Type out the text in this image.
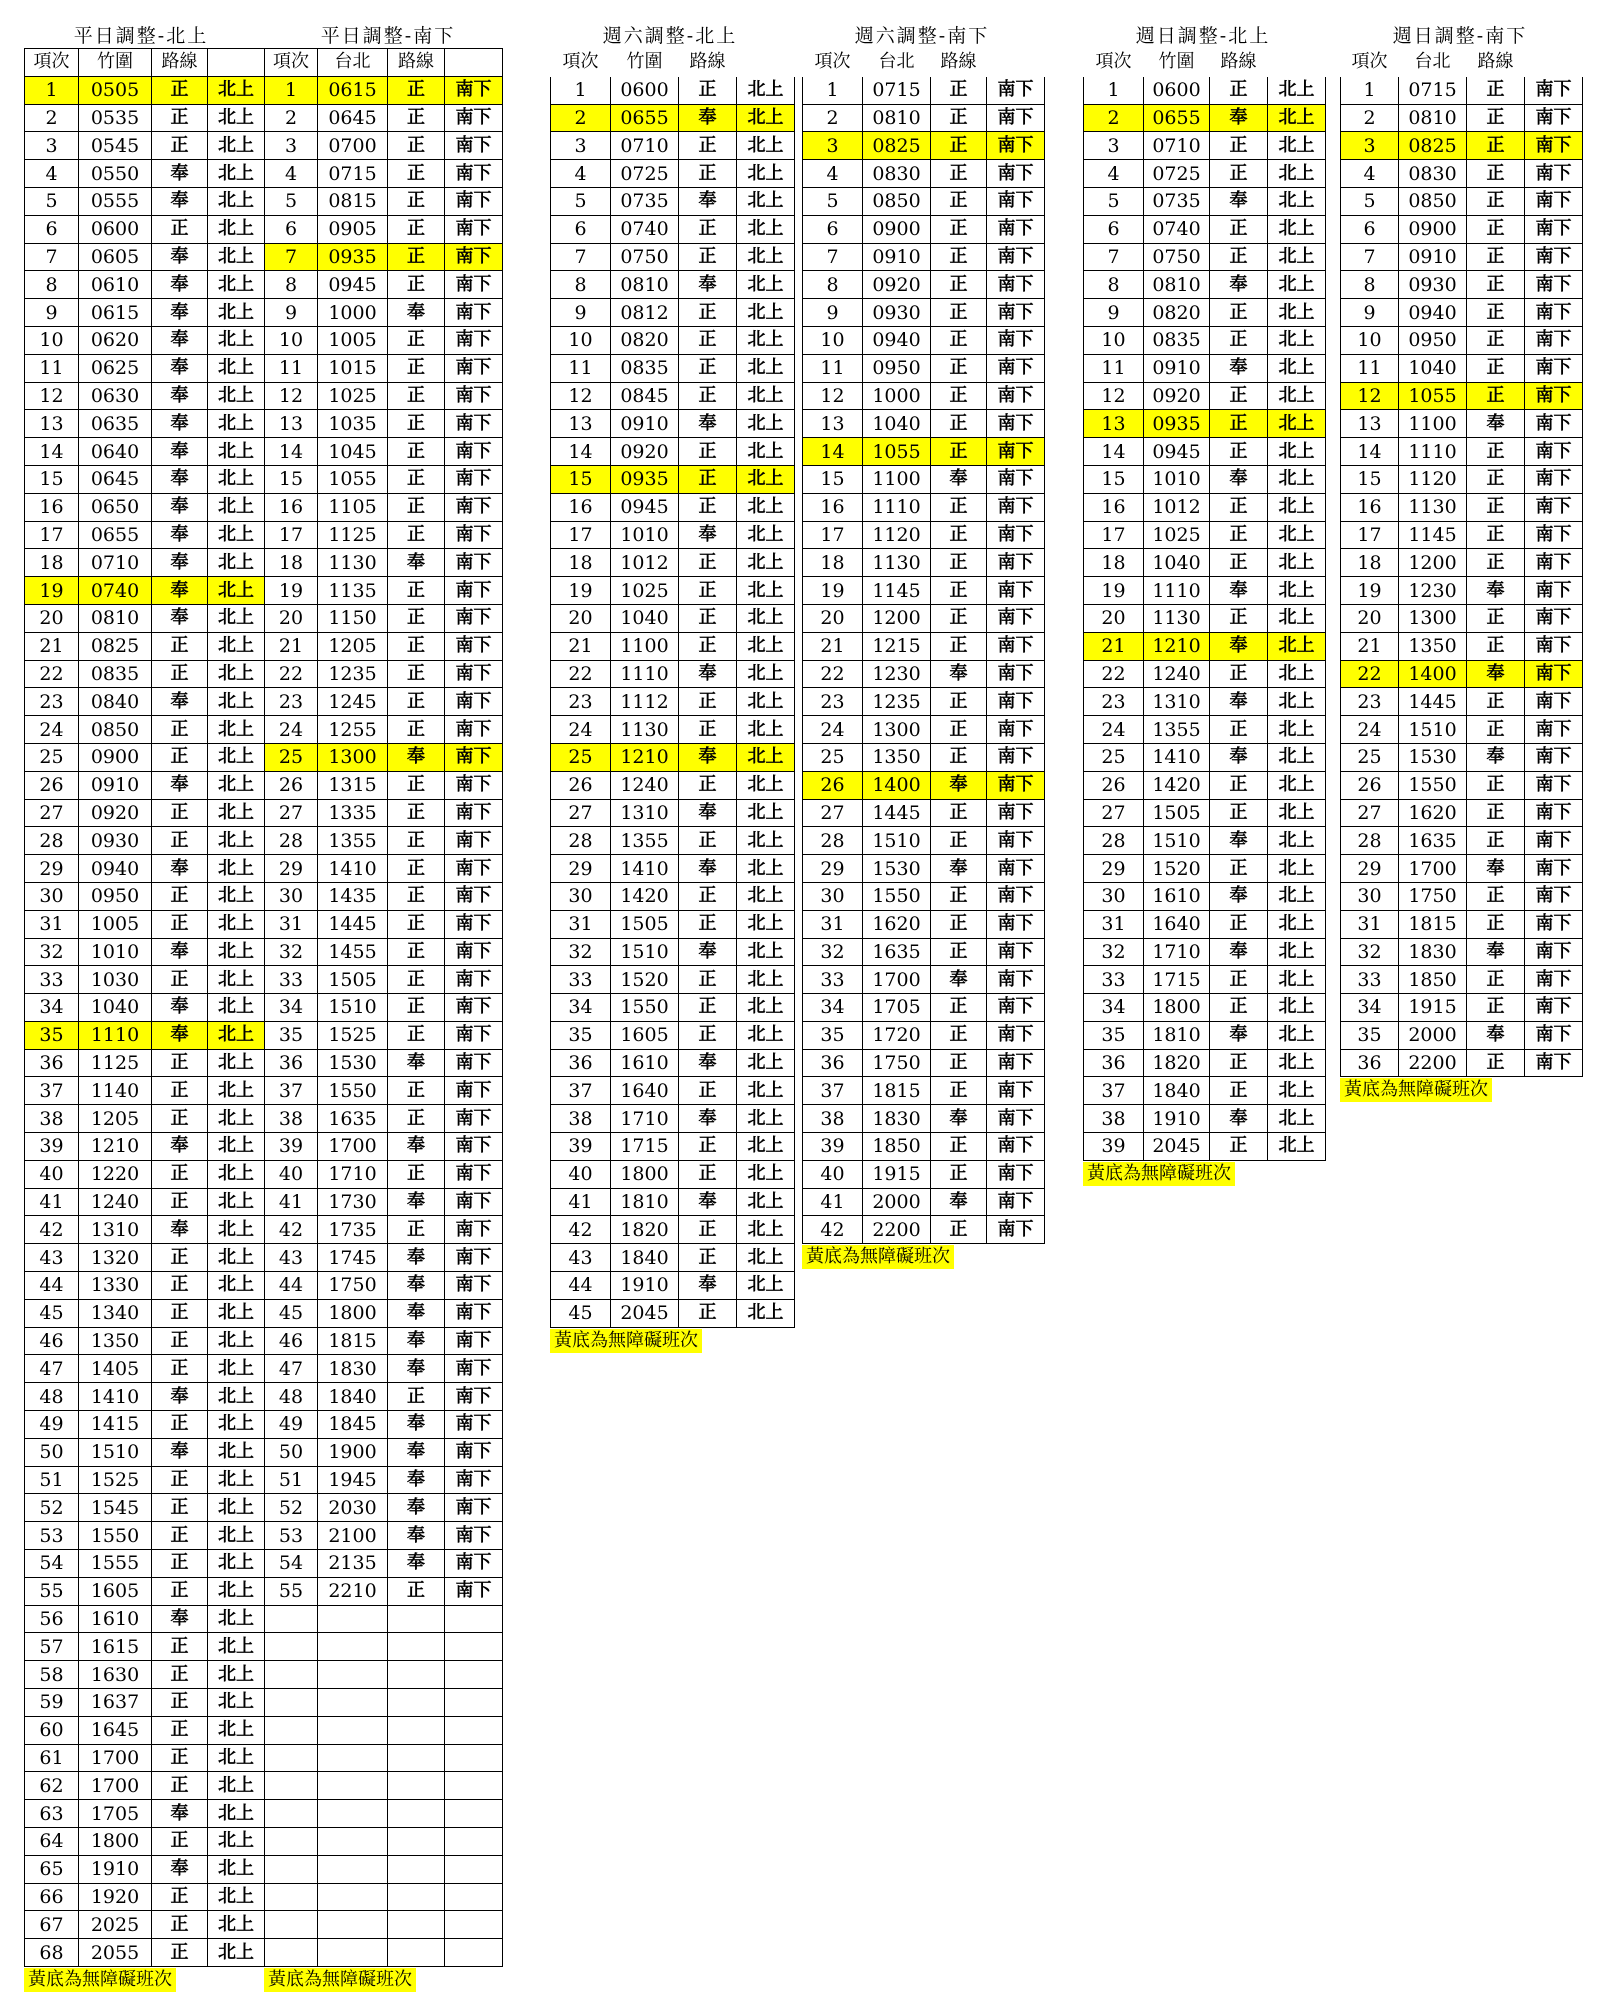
平日調整-北上
項次	竹圍	路線	
1	0505	正	北上
2	0535	正	北上
3	0545	正	北上
4	0550	奉	北上
5	0555	奉	北上
6	0600	正	北上
7	0605	奉	北上
8	0610	奉	北上
9	0615	奉	北上
10	0620	奉	北上
11	0625	奉	北上
12	0630	奉	北上
13	0635	奉	北上
14	0640	奉	北上
15	0645	奉	北上
16	0650	奉	北上
17	0655	奉	北上
18	0710	奉	北上
19	0740	奉	北上
20	0810	奉	北上
21	0825	正	北上
22	0835	正	北上
23	0840	奉	北上
24	0850	正	北上
25	0900	正	北上
26	0910	奉	北上
27	0920	正	北上
28	0930	正	北上
29	0940	奉	北上
30	0950	正	北上
31	1005	正	北上
32	1010	奉	北上
33	1030	正	北上
34	1040	奉	北上
35	1110	奉	北上
36	1125	正	北上
37	1140	正	北上
38	1205	正	北上
39	1210	奉	北上
40	1220	正	北上
41	1240	正	北上
42	1310	奉	北上
43	1320	正	北上
44	1330	正	北上
45	1340	正	北上
46	1350	正	北上
47	1405	正	北上
48	1410	奉	北上
49	1415	正	北上
50	1510	奉	北上
51	1525	正	北上
52	1545	正	北上
53	1550	正	北上
54	1555	正	北上
55	1605	正	北上
56	1610	奉	北上
57	1615	正	北上
58	1630	正	北上
59	1637	正	北上
60	1645	正	北上
61	1700	正	北上
62	1700	正	北上
63	1705	奉	北上
64	1800	正	北上
65	1910	奉	北上
66	1920	正	北上
67	2025	正	北上
68	2055	正	北上
黃底為無障礙班次
平日調整-南下
項次	台北	路線	
1	0615	正	南下
2	0645	正	南下
3	0700	正	南下
4	0715	正	南下
5	0815	正	南下
6	0905	正	南下
7	0935	正	南下
8	0945	正	南下
9	1000	奉	南下
10	1005	正	南下
11	1015	正	南下
12	1025	正	南下
13	1035	正	南下
14	1045	正	南下
15	1055	正	南下
16	1105	正	南下
17	1125	正	南下
18	1130	奉	南下
19	1135	正	南下
20	1150	正	南下
21	1205	正	南下
22	1235	正	南下
23	1245	正	南下
24	1255	正	南下
25	1300	奉	南下
26	1315	正	南下
27	1335	正	南下
28	1355	正	南下
29	1410	正	南下
30	1435	正	南下
31	1445	正	南下
32	1455	正	南下
33	1505	正	南下
34	1510	正	南下
35	1525	正	南下
36	1530	奉	南下
37	1550	正	南下
38	1635	正	南下
39	1700	奉	南下
40	1710	正	南下
41	1730	奉	南下
42	1735	正	南下
43	1745	奉	南下
44	1750	奉	南下
45	1800	奉	南下
46	1815	奉	南下
47	1830	奉	南下
48	1840	正	南下
49	1845	奉	南下
50	1900	奉	南下
51	1945	奉	南下
52	2030	奉	南下
53	2100	奉	南下
54	2135	奉	南下
55	2210	正	南下

黃底為無障礙班次
週六調整-北上
項次	竹圍	路線	
1	0600	正	北上
2	0655	奉	北上
3	0710	正	北上
4	0725	正	北上
5	0735	奉	北上
6	0740	正	北上
7	0750	正	北上
8	0810	奉	北上
9	0812	正	北上
10	0820	正	北上
11	0835	正	北上
12	0845	正	北上
13	0910	奉	北上
14	0920	正	北上
15	0935	正	北上
16	0945	正	北上
17	1010	奉	北上
18	1012	正	北上
19	1025	正	北上
20	1040	正	北上
21	1100	正	北上
22	1110	奉	北上
23	1112	正	北上
24	1130	正	北上
25	1210	奉	北上
26	1240	正	北上
27	1310	奉	北上
28	1355	正	北上
29	1410	奉	北上
30	1420	正	北上
31	1505	正	北上
32	1510	奉	北上
33	1520	正	北上
34	1550	正	北上
35	1605	正	北上
36	1610	奉	北上
37	1640	正	北上
38	1710	奉	北上
39	1715	正	北上
40	1800	正	北上
41	1810	奉	北上
42	1820	正	北上
43	1840	正	北上
44	1910	奉	北上
45	2045	正	北上
黃底為無障礙班次
週六調整-南下
項次	台北	路線	
1	0715	正	南下
2	0810	正	南下
3	0825	正	南下
4	0830	正	南下
5	0850	正	南下
6	0900	正	南下
7	0910	正	南下
8	0920	正	南下
9	0930	正	南下
10	0940	正	南下
11	0950	正	南下
12	1000	正	南下
13	1040	正	南下
14	1055	正	南下
15	1100	奉	南下
16	1110	正	南下
17	1120	正	南下
18	1130	正	南下
19	1145	正	南下
20	1200	正	南下
21	1215	正	南下
22	1230	奉	南下
23	1235	正	南下
24	1300	正	南下
25	1350	正	南下
26	1400	奉	南下
27	1445	正	南下
28	1510	正	南下
29	1530	奉	南下
30	1550	正	南下
31	1620	正	南下
32	1635	正	南下
33	1700	奉	南下
34	1705	正	南下
35	1720	正	南下
36	1750	正	南下
37	1815	正	南下
38	1830	奉	南下
39	1850	正	南下
40	1915	正	南下
41	2000	奉	南下
42	2200	正	南下
黃底為無障礙班次
週日調整-北上
項次	竹圍	路線	
1	0600	正	北上
2	0655	奉	北上
3	0710	正	北上
4	0725	正	北上
5	0735	奉	北上
6	0740	正	北上
7	0750	正	北上
8	0810	奉	北上
9	0820	正	北上
10	0835	正	北上
11	0910	奉	北上
12	0920	正	北上
13	0935	正	北上
14	0945	正	北上
15	1010	奉	北上
16	1012	正	北上
17	1025	正	北上
18	1040	正	北上
19	1110	奉	北上
20	1130	正	北上
21	1210	奉	北上
22	1240	正	北上
23	1310	奉	北上
24	1355	正	北上
25	1410	奉	北上
26	1420	正	北上
27	1505	正	北上
28	1510	奉	北上
29	1520	正	北上
30	1610	奉	北上
31	1640	正	北上
32	1710	奉	北上
33	1715	正	北上
34	1800	正	北上
35	1810	奉	北上
36	1820	正	北上
37	1840	正	北上
38	1910	奉	北上
39	2045	正	北上
黃底為無障礙班次
週日調整-南下
項次	台北	路線	
1	0715	正	南下
2	0810	正	南下
3	0825	正	南下
4	0830	正	南下
5	0850	正	南下
6	0900	正	南下
7	0910	正	南下
8	0930	正	南下
9	0940	正	南下
10	0950	正	南下
11	1040	正	南下
12	1055	正	南下
13	1100	奉	南下
14	1110	正	南下
15	1120	正	南下
16	1130	正	南下
17	1145	正	南下
18	1200	正	南下
19	1230	奉	南下
20	1300	正	南下
21	1350	正	南下
22	1400	奉	南下
23	1445	正	南下
24	1510	正	南下
25	1530	奉	南下
26	1550	正	南下
27	1620	正	南下
28	1635	正	南下
29	1700	奉	南下
30	1750	正	南下
31	1815	正	南下
32	1830	奉	南下
33	1850	正	南下
34	1915	正	南下
35	2000	奉	南下
36	2200	正	南下
黃底為無障礙班次
